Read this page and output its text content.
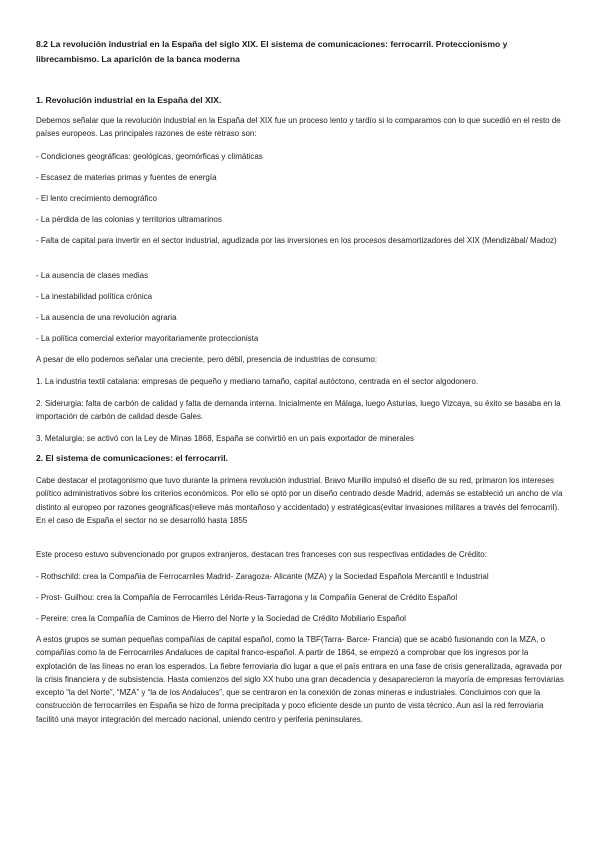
8.2 La revolución industrial en la España del siglo XIX. El sistema de comunicaciones: ferrocarril. Proteccionismo y librecambismo. La aparición de la banca moderna
1. Revolución industrial en la España del XIX.
Debemos señalar que la revolución industrial en la España del XIX fue un proceso lento y tardío si lo comparamos con lo que sucedió en el resto de países europeos. Las principales razones de este retraso son:
- Condiciones geográficas: geológicas, geomórficas y climáticas
- Escasez de materias primas y fuentes de energía
- El lento crecimiento demográfico
- La pérdida de las colonias y territorios ultramarinos
- Falta de capital para invertir en el sector industrial, agudizada por las inversiones en los procesos desamortizadores del XIX (Mendizábal/ Madoz)
- La ausencia de clases medias
- La inestabilidad política crónica
- La ausencia de una revolución agraria
- La política comercial exterior mayoritariamente proteccionista
A pesar de ello podemos señalar una creciente, pero débil, presencia de industrias de consumo:
1. La industria textil catalana: empresas de pequeño y mediano tamaño, capital autóctono, centrada en el sector algodonero.
2. Siderurgia: falta de carbón de calidad y falta de demanda interna. Inicialmente en Málaga, luego Asturias, luego Vizcaya, su éxito se basaba en la importación de carbón de calidad desde Gales.
3. Metalurgia: se activó con la Ley de Minas 1868, España se convirtió en un país exportador de minerales
2. El sistema de comunicaciones: el ferrocarril.
Cabe destacar el protagonismo que tuvo durante la primera revolución industrial. Bravo Murillo impulsó el diseño de su red, primaron los intereses político administrativos sobre los criterios económicos. Por ello se optó por un diseño centrado desde Madrid, además se estableció un ancho de vía distinto al europeo por razones geográficas(relieve más montañoso y accidentado) y estratégicas(evitar invasiones militares a través del ferrocarril). En el caso de España el sector no se desarrolló hasta 1855
Este proceso estuvo subvencionado por grupos extranjeros, destacan tres franceses con sus respectivas entidades de Crédito:
- Rothschild: crea la Compañía de Ferrocarriles Madrid- Zaragoza- Alicante (MZA) y la Sociedad Española Mercantil e Industrial
- Prost- Guilhou: crea la Compañía de Ferrocarriles Lérida-Reus-Tarragona y la Compañía General de Crédito Español
- Pereire: crea la Compañía de Caminos de Hierro del Norte y la Sociedad de Crédito Mobiliario Español
A estos grupos se suman pequeñas compañías de capital español, como la TBF(Tarra- Barce- Francia) que se acabó fusionando con la MZA, o compañías como la de Ferrocarriles Andaluces de capital franco-español. A partir de 1864, se empezó a comprobar que los ingresos por la explotación de las líneas no eran los esperados. La fiebre ferroviaria dio lugar a que el país entrara en una fase de crisis generalizada, agravada por la crisis financiera y de subsistencia. Hasta comienzos del siglo XX hubo una gran decadencia y desaparecieron la mayoría de empresas ferroviarias excepto “la del Norte”, “MZA” y “la de los Andaluces”, que se centraron en la conexión de zonas mineras e industriales. Concluimos con que la construcción de ferrocarriles en España se hizo de forma precipitada y poco eficiente desde un punto de vista técnico. Aun así la red ferroviaria facilitó una mayor integración del mercado nacional, uniendo centro y periferia peninsulares.
